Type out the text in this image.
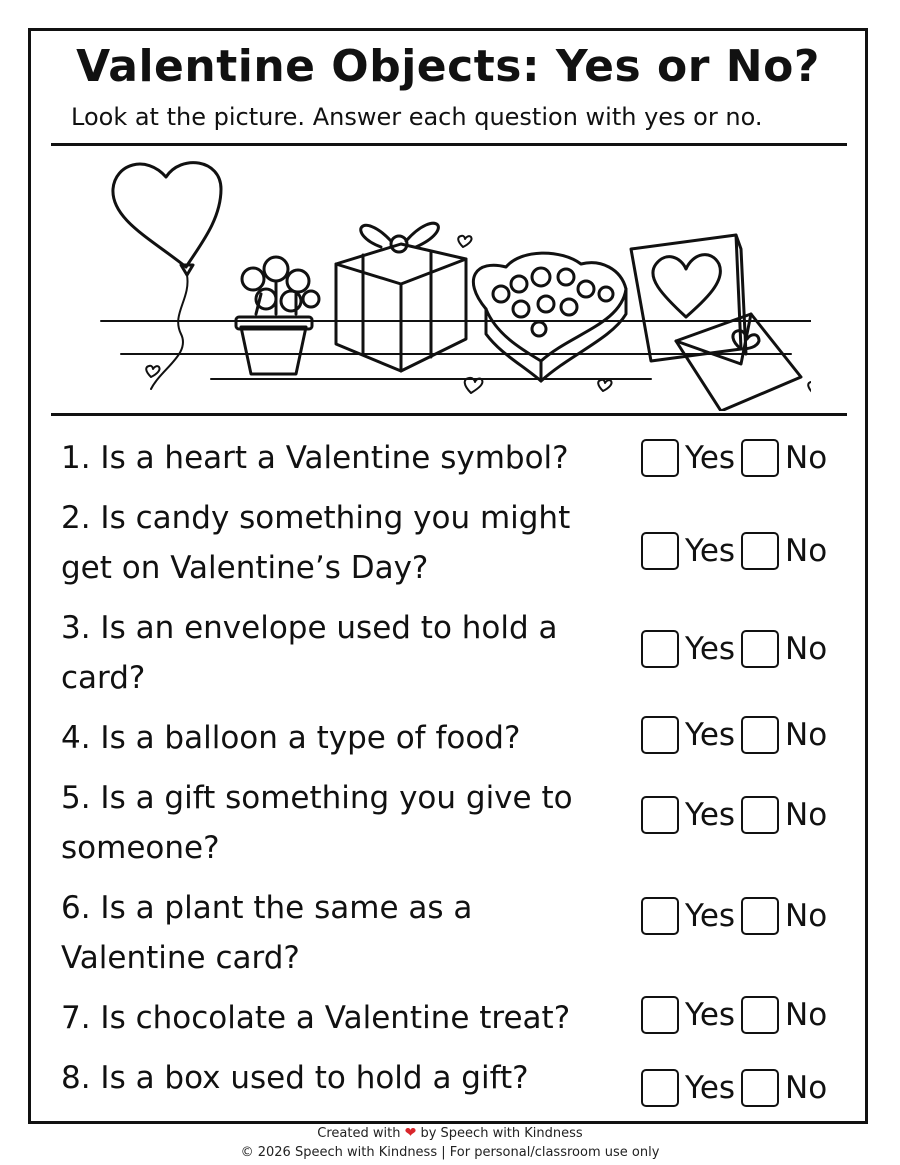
Valentine Objects: Yes or No?
Look at the picture. Answer each question with yes or no.
1. Is a heart a Valentine symbol?	Yes No
2. Is candy something you might get on Valentine’s Day?	Yes No
3. Is an envelope used to hold a card?
Yes No
4. Is a balloon a type of food?	Yes No
5. Is a gift something you give to someone?
Yes No
6. Is a plant the same as a Valentine card?
Yes No
7. Is chocolate a Valentine treat?	Yes No
8. Is a box used to hold a gift?	Yes No
Created with ❤ by Speech with Kindness
© 2026 Speech with Kindness | For personal/classroom use only
